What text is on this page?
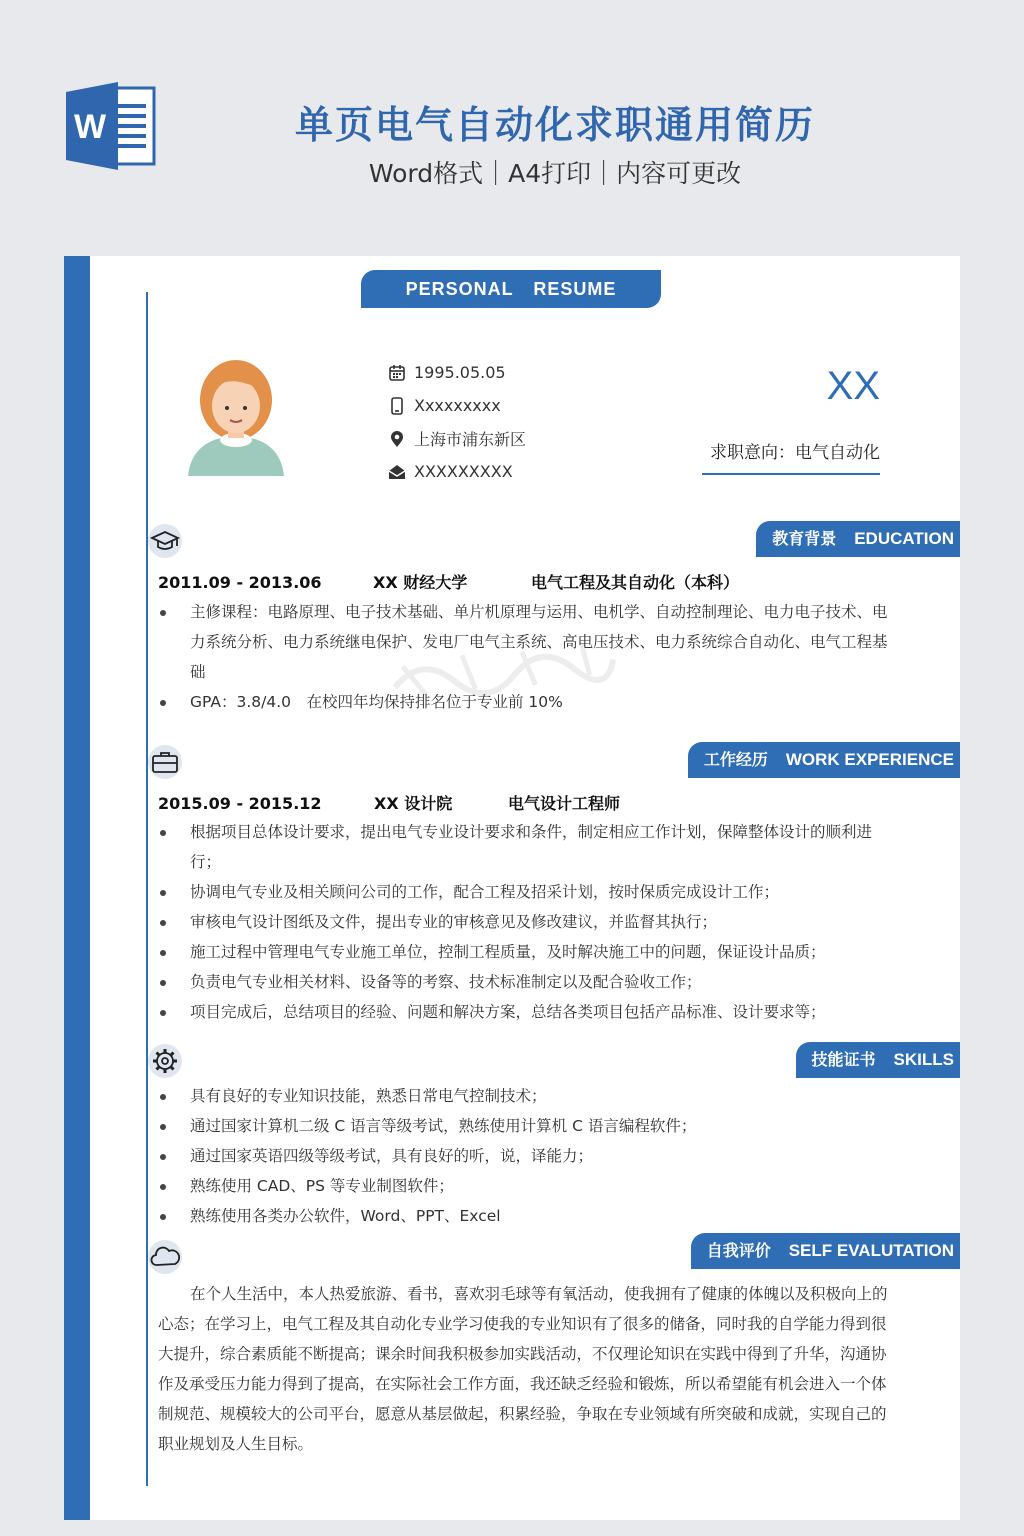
W	单页电气自动化求职通用简历
Word格式｜A4打印｜内容可更改
PERSONAL RESUME
1995.05.05
Xxxxxxxxx
上海市浦东新区
XXXXXXXXX
XX
求职意向：电气自动化
教育背景 EDUCATION
2011.09 - 2013.06	XX 财经大学	电气工程及其自动化（本科）
主修课程：电路原理、电子技术基础、单片机原理与运用、电机学、自动控制理论、电力电子技术、电力系统分析、电力系统继电保护、发电厂电气主系统、高电压技术、电力系统综合自动化、电气工程基础
GPA：3.8/4.0　在校四年均保持排名位于专业前 10%
工作经历 WORK EXPERIENCE
2015.09 - 2015.12	XX 设计院	电气设计工程师
根据项目总体设计要求，提出电气专业设计要求和条件，制定相应工作计划，保障整体设计的顺利进行；
协调电气专业及相关顾问公司的工作，配合工程及招采计划，按时保质完成设计工作；
审核电气设计图纸及文件，提出专业的审核意见及修改建议，并监督其执行；
施工过程中管理电气专业施工单位，控制工程质量，及时解决施工中的问题，保证设计品质；
负责电气专业相关材料、设备等的考察、技术标准制定以及配合验收工作；
项目完成后，总结项目的经验、问题和解决方案，总结各类项目包括产品标准、设计要求等；
技能证书 SKILLS
具有良好的专业知识技能，熟悉日常电气控制技术；
通过国家计算机二级 C 语言等级考试，熟练使用计算机 C 语言编程软件；
通过国家英语四级等级考试，具有良好的听，说，译能力；
熟练使用 CAD、PS 等专业制图软件；
熟练使用各类办公软件，Word、PPT、Excel
自我评价 SELF EVALUTATION
在个人生活中，本人热爱旅游、看书，喜欢羽毛球等有氧活动，使我拥有了健康的体魄以及积极向上的心态；在学习上，电气工程及其自动化专业学习使我的专业知识有了很多的储备，同时我的自学能力得到很大提升，综合素质能不断提高；课余时间我积极参加实践活动，不仅理论知识在实践中得到了升华，沟通协作及承受压力能力得到了提高，在实际社会工作方面，我还缺乏经验和锻炼，所以希望能有机会进入一个体制规范、规模较大的公司平台，愿意从基层做起，积累经验，争取在专业领域有所突破和成就，实现自己的职业规划及人生目标。
